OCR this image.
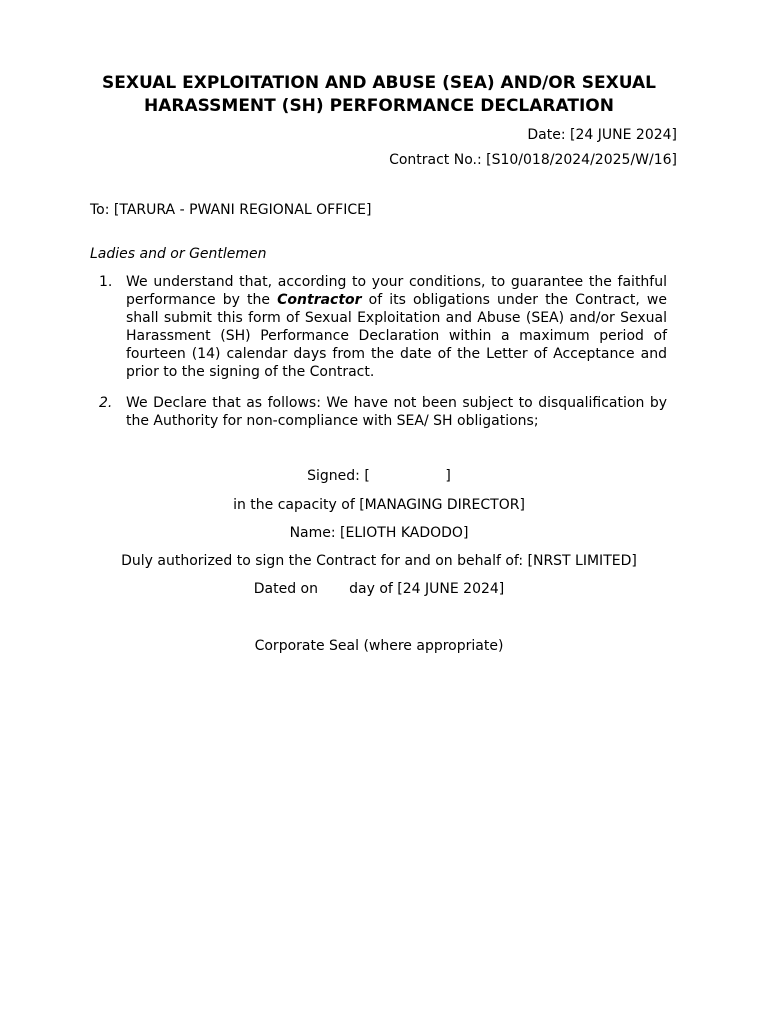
SEXUAL EXPLOITATION AND ABUSE (SEA) AND/OR SEXUAL
HARASSMENT (SH) PERFORMANCE DECLARATION
Date: [24 JUNE 2024]
Contract No.: [S10/018/2024/2025/W/16]
To: [TARURA - PWANI REGIONAL OFFICE]
Ladies and or Gentlemen
1. We understand that, according to your conditions, to guarantee the faithful performance by the Contractor of its obligations under the Contract, we shall submit this form of Sexual Exploitation and Abuse (SEA) and/or Sexual Harassment (SH) Performance Declaration within a maximum period of fourteen (14) calendar days from the date of the Letter of Acceptance and prior to the signing of the Contract.
2. We Declare that as follows: We have not been subject to disqualification by the Authority for non-compliance with SEA/ SH obligations;
Signed: [                 ]
in the capacity of [MANAGING DIRECTOR]
Name: [ELIOTH KADODO]
Duly authorized to sign the Contract for and on behalf of: [NRST LIMITED]
Dated on       day of [24 JUNE 2024]
Corporate Seal (where appropriate)
